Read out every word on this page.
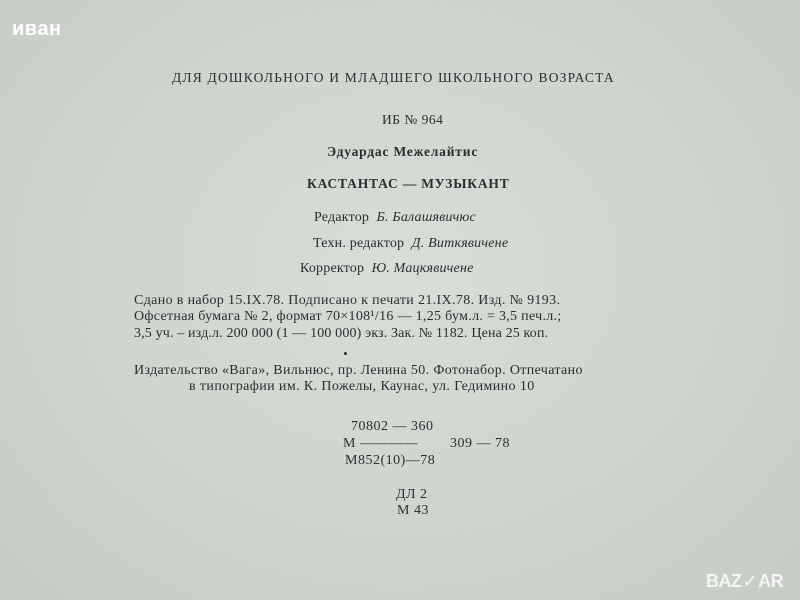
иван
ДЛЯ ДОШКОЛЬНОГО И МЛАДШЕГО ШКОЛЬНОГО ВОЗРАСТА
ИБ № 964
Эдуардас Межелайтис
КАСТАНТАС — МУЗЫКАНТ
Редактор Б. Балашявичюс
Техн. редактор Д. Виткявичене
Корректор Ю. Мацкявичене
Сдано в набор 15.IX.78. Подписано к печати 21.IX.78. Изд. № 9193.
Офсетная бумага № 2, формат 70×108¹/16 — 1,25 бум.л. = 3,5 печ.л.;
3,5 уч. – изд.л. 200 000 (1 — 100 000) экз. Зак. № 1182. Цена 25 коп.
Издательство «Вага», Вильнюс, пр. Ленина 50. Фотонабор. Отпечатано
в типографии им. К. Пожелы, Каунас, ул. Гедимино 10
70802 — 360
М ———— 309 — 78
М852(10)—78
ДЛ 2
М 43
BAZ ✓ AR
